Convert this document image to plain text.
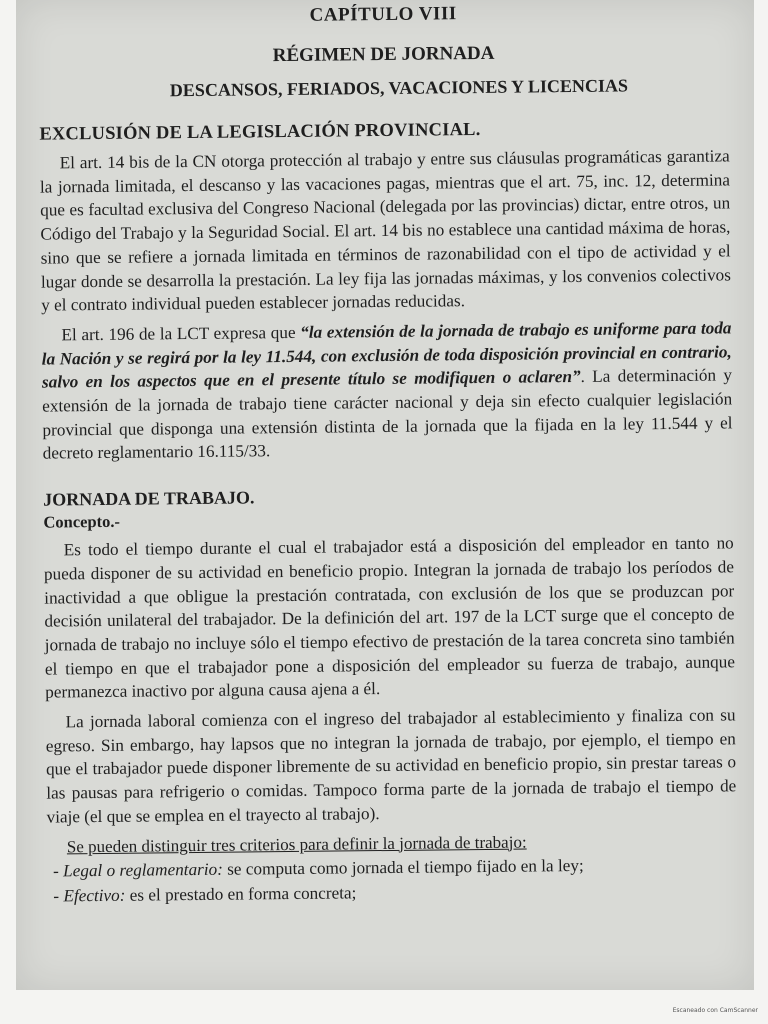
CAPÍTULO VIII
RÉGIMEN DE JORNADA
DESCANSOS, FERIADOS, VACACIONES Y LICENCIAS
EXCLUSIÓN DE LA LEGISLACIÓN PROVINCIAL.

El art. 14 bis de la CN otorga protección al trabajo y entre sus cláusulas programáticas garantiza la jornada limitada, el descanso y las vacaciones pagas, mientras que el art. 75, inc. 12, determina que es facultad exclusiva del Congreso Nacional (delegada por las provincias) dictar, entre otros, un Código del Trabajo y la Seguridad Social. El art. 14 bis no establece una cantidad máxima de horas, sino que se refiere a jornada limitada en términos de razonabilidad con el tipo de actividad y el lugar donde se desarrolla la prestación. La ley fija las jornadas máximas, y los convenios colectivos y el contrato individual pueden establecer jornadas reducidas.

El art. 196 de la LCT expresa que “la extensión de la jornada de trabajo es uniforme para toda la Nación y se regirá por la ley 11.544, con exclusión de toda disposición provincial en contrario, salvo en los aspectos que en el presente título se modifiquen o aclaren”. La determinación y extensión de la jornada de trabajo tiene carácter nacional y deja sin efecto cualquier legislación provincial que disponga una extensión distinta de la jornada que la fijada en la ley 11.544 y el decreto reglamentario 16.115/33.

JORNADA DE TRABAJO.
Concepto.-

Es todo el tiempo durante el cual el trabajador está a disposición del empleador en tanto no pueda disponer de su actividad en beneficio propio. Integran la jornada de trabajo los períodos de inactividad a que obligue la prestación contratada, con exclusión de los que se produzcan por decisión unilateral del trabajador. De la definición del art. 197 de la LCT surge que el concepto de jornada de trabajo no incluye sólo el tiempo efectivo de prestación de la tarea concreta sino también el tiempo en que el trabajador pone a disposición del empleador su fuerza de trabajo, aunque permanezca inactivo por alguna causa ajena a él.

La jornada laboral comienza con el ingreso del trabajador al establecimiento y finaliza con su egreso. Sin embargo, hay lapsos que no integran la jornada de trabajo, por ejemplo, el tiempo en que el trabajador puede disponer libremente de su actividad en beneficio propio, sin prestar tareas o las pausas para refrigerio o comidas. Tampoco forma parte de la jornada de trabajo el tiempo de viaje (el que se emplea en el trayecto al trabajo).

Se pueden distinguir tres criterios para definir la jornada de trabajo:
- Legal o reglamentario: se computa como jornada el tiempo fijado en la ley;
- Efectivo: es el prestado en forma concreta;
Escaneado con CamScanner
